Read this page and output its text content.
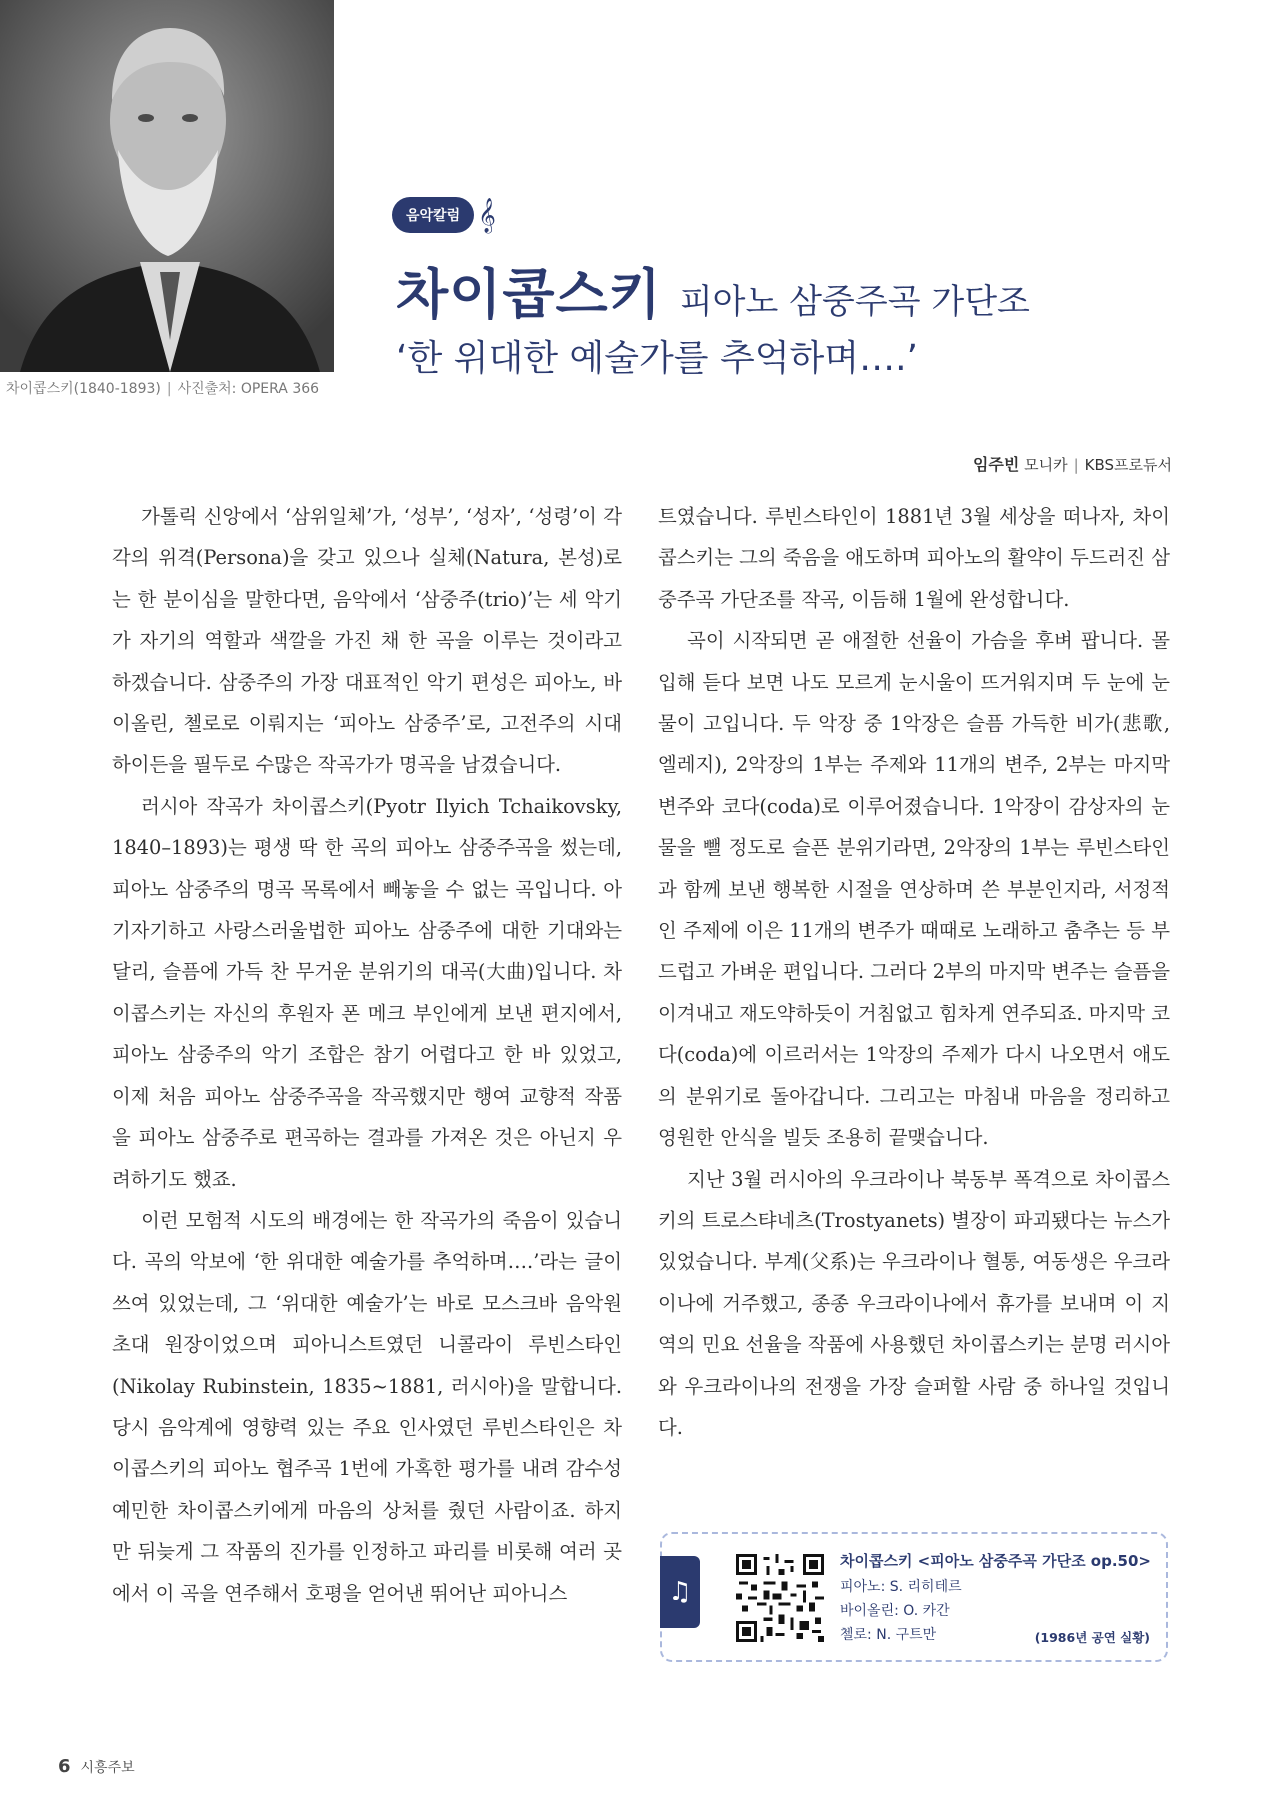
차이콥스키(1840-1893) | 사진출처: OPERA 366
음악칼럼 𝄞
차이콥스키 피아노 삼중주곡 가단조
‘한 위대한 예술가를 추억하며….’
임주빈 모니카 | KBS프로듀서

가톨릭 신앙에서 ‘삼위일체’가, ‘성부’, ‘성자’, ‘성령’이 각각의 위격(Persona)을 갖고 있으나 실체(Natura, 본성)로는 한 분이심을 말한다면, 음악에서 ‘삼중주(trio)’는 세 악기가 자기의 역할과 색깔을 가진 채 한 곡을 이루는 것이라고 하겠습니다. 삼중주의 가장 대표적인 악기 편성은 피아노, 바이올린, 첼로로 이뤄지는 ‘피아노 삼중주’로, 고전주의 시대 하이든을 필두로 수많은 작곡가가 명곡을 남겼습니다.

러시아 작곡가 차이콥스키(Pyotr Ilyich Tchaikovsky, 1840–1893)는 평생 딱 한 곡의 피아노 삼중주곡을 썼는데, 피아노 삼중주의 명곡 목록에서 빼놓을 수 없는 곡입니다. 아기자기하고 사랑스러울법한 피아노 삼중주에 대한 기대와는 달리, 슬픔에 가득 찬 무거운 분위기의 대곡(大曲)입니다. 차이콥스키는 자신의 후원자 폰 메크 부인에게 보낸 편지에서, 피아노 삼중주의 악기 조합은 참기 어렵다고 한 바 있었고, 이제 처음 피아노 삼중주곡을 작곡했지만 행여 교향적 작품을 피아노 삼중주로 편곡하는 결과를 가져온 것은 아닌지 우려하기도 했죠.

이런 모험적 시도의 배경에는 한 작곡가의 죽음이 있습니다. 곡의 악보에 ‘한 위대한 예술가를 추억하며….’라는 글이 쓰여 있었는데, 그 ‘위대한 예술가’는 바로 모스크바 음악원 초대 원장이었으며 피아니스트였던 니콜라이 루빈스타인(Nikolay Rubinstein, 1835~1881, 러시아)을 말합니다. 당시 음악계에 영향력 있는 주요 인사였던 루빈스타인은 차이콥스키의 피아노 협주곡 1번에 가혹한 평가를 내려 감수성 예민한 차이콥스키에게 마음의 상처를 줬던 사람이죠. 하지만 뒤늦게 그 작품의 진가를 인정하고 파리를 비롯해 여러 곳에서 이 곡을 연주해서 호평을 얻어낸 뛰어난 피아니스

트였습니다. 루빈스타인이 1881년 3월 세상을 떠나자, 차이콥스키는 그의 죽음을 애도하며 피아노의 활약이 두드러진 삼중주곡 가단조를 작곡, 이듬해 1월에 완성합니다.

곡이 시작되면 곧 애절한 선율이 가슴을 후벼 팝니다. 몰입해 듣다 보면 나도 모르게 눈시울이 뜨거워지며 두 눈에 눈물이 고입니다. 두 악장 중 1악장은 슬픔 가득한 비가(悲歌, 엘레지), 2악장의 1부는 주제와 11개의 변주, 2부는 마지막 변주와 코다(coda)로 이루어졌습니다. 1악장이 감상자의 눈물을 뺄 정도로 슬픈 분위기라면, 2악장의 1부는 루빈스타인과 함께 보낸 행복한 시절을 연상하며 쓴 부분인지라, 서정적인 주제에 이은 11개의 변주가 때때로 노래하고 춤추는 등 부드럽고 가벼운 편입니다. 그러다 2부의 마지막 변주는 슬픔을 이겨내고 재도약하듯이 거침없고 힘차게 연주되죠. 마지막 코다(coda)에 이르러서는 1악장의 주제가 다시 나오면서 애도의 분위기로 돌아갑니다. 그리고는 마침내 마음을 정리하고 영원한 안식을 빌듯 조용히 끝맺습니다.

지난 3월 러시아의 우크라이나 북동부 폭격으로 차이콥스키의 트로스탸네츠(Trostyanets) 별장이 파괴됐다는 뉴스가 있었습니다. 부계(父系)는 우크라이나 혈통, 여동생은 우크라이나에 거주했고, 종종 우크라이나에서 휴가를 보내며 이 지역의 민요 선율을 작품에 사용했던 차이콥스키는 분명 러시아와 우크라이나의 전쟁을 가장 슬퍼할 사람 중 하나일 것입니다.

♫
차이콥스키 <피아노 삼중주곡 가단조 op.50>
피아노: S. 리히테르
바이올린: O. 카간
첼로: N. 구트만	(1986년 공연 실황)
6 시흥주보
